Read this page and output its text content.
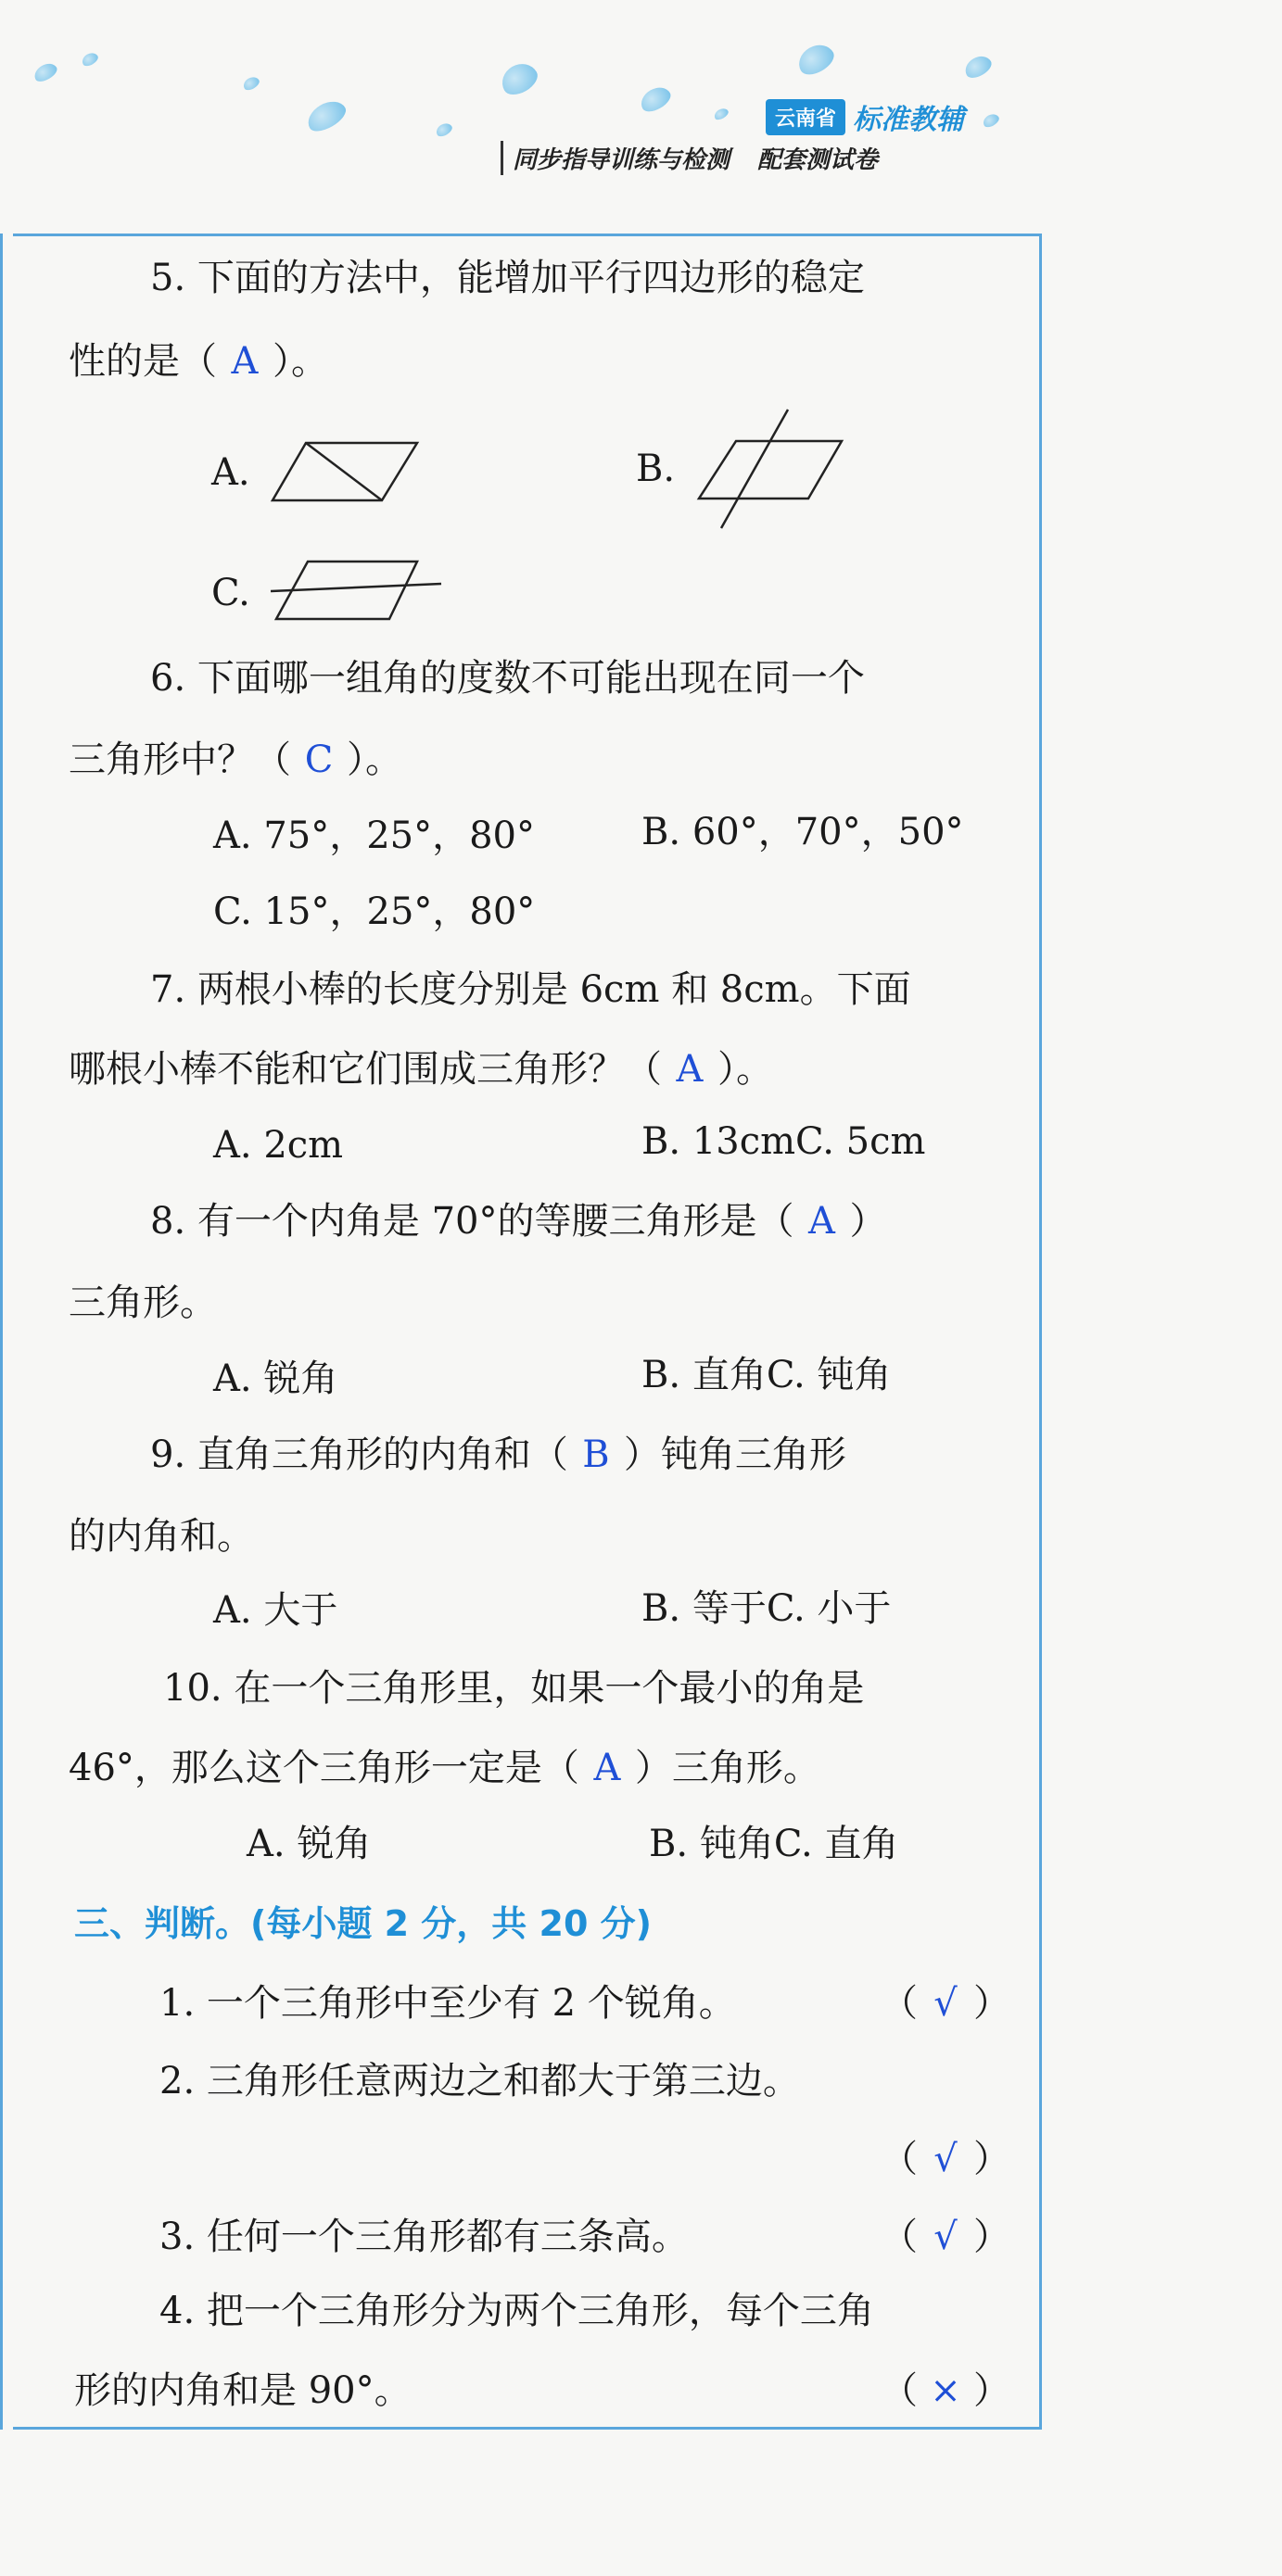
云南省 标准教辅
同步指导训练与检测 配套测试卷
5. 下面的方法中，能增加平行四边形的稳定
性的是（ A ）。
A.	B.
C.
6. 下面哪一组角的度数不可能出现在同一个
三角形中？（ C ）。
A. 75°，25°，80°	B. 60°，70°，50°
C. 15°，25°，80°
7. 两根小棒的长度分别是 6cm 和 8cm。下面
哪根小棒不能和它们围成三角形？（ A ）。
A. 2cm	B. 13cmC. 5cm
8. 有一个内角是 70°的等腰三角形是（ A ）
三角形。
A. 锐角	B. 直角C. 钝角
9. 直角三角形的内角和（ B ）钝角三角形
的内角和。
A. 大于	B. 等于C. 小于
10. 在一个三角形里，如果一个最小的角是
46°，那么这个三角形一定是（ A ）三角形。
A. 锐角	B. 钝角C. 直角
三、判断。(每小题 2 分，共 20 分)
1. 一个三角形中至少有 2 个锐角。	（ √ ）
2. 三角形任意两边之和都大于第三边。
（ √ ）
3. 任何一个三角形都有三条高。	（ √ ）
4. 把一个三角形分为两个三角形，每个三角
形的内角和是 90°。	（ × ）
